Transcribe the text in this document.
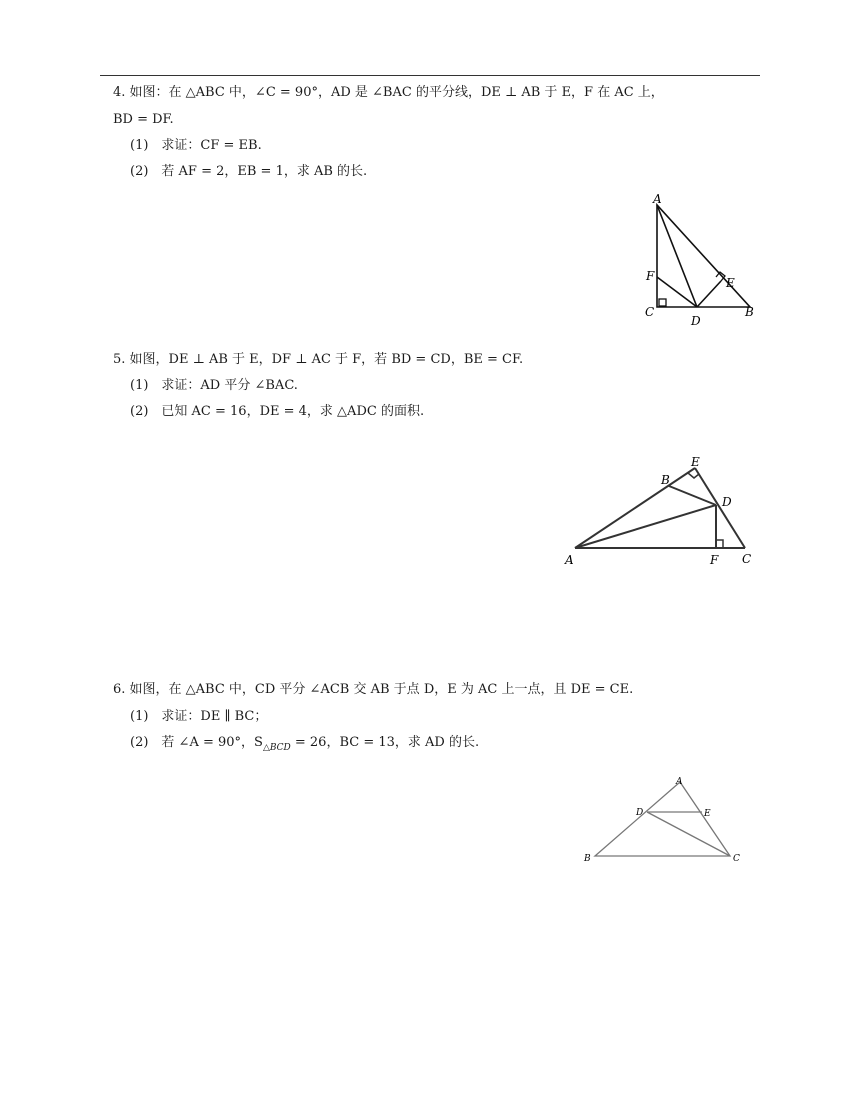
4. 如图：在 △ABC 中，∠C = 90°，AD 是 ∠BAC 的平分线，DE ⊥ AB 于 E，F 在 AC 上，
BD = DF.
(1)　求证：CF = EB.
(2)　若 AF = 2，EB = 1，求 AB 的长.
A
F
C
D
E
B
5. 如图，DE ⊥ AB 于 E，DF ⊥ AC 于 F，若 BD = CD，BE = CF.
(1)　求证：AD 平分 ∠BAC.
(2)　已知 AC = 16，DE = 4，求 △ADC 的面积.
A
B
E
D
F C
6. 如图，在 △ABC 中，CD 平分 ∠ACB 交 AB 于点 D，E 为 AC 上一点，且 DE = CE.
(1)　求证：DE ∥ BC；
(2)　若 ∠A = 90°，$S_{\triangle BCD} = 26$，BC = 13，求 AD 的长.
A
D	E
B	C
